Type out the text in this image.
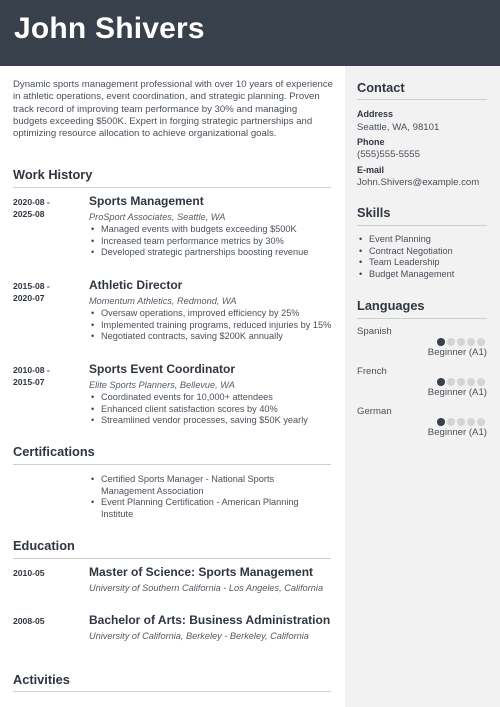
John Shivers

Dynamic sports management professional with over 10 years of experience in athletic operations, event coordination, and strategic planning. Proven track record of improving team performance by 30% and managing budgets exceeding $500K. Expert in forging strategic partnerships and optimizing resource allocation to achieve organizational goals.

Work History
2020-08 - 2025-08
Sports Management
ProSport Associates, Seattle, WA
• Managed events with budgets exceeding $500K
• Increased team performance metrics by 30%
• Developed strategic partnerships boosting revenue
2015-08 - 2020-07
Athletic Director
Momentum Athletics, Redmond, WA
• Oversaw operations, improved efficiency by 25%
• Implemented training programs, reduced injuries by 15%
• Negotiated contracts, saving $200K annually
2010-08 - 2015-07
Sports Event Coordinator
Elite Sports Planners, Bellevue, WA
• Coordinated events for 10,000+ attendees
• Enhanced client satisfaction scores by 40%
• Streamlined vendor processes, saving $50K yearly
Certifications
• Certified Sports Manager - National Sports Management Association
• Event Planning Certification - American Planning Institute
Education
2010-05	Master of Science: Sports Management
University of Southern California - Los Angeles, California
2008-05	Bachelor of Arts: Business Administration
University of California, Berkeley - Berkeley, California
Activities
Contact
Address
Seattle, WA, 98101
Phone
(555)555-5555
E-mail
John.Shivers@example.com
Skills
• Event Planning
• Contract Negotiation
• Team Leadership
• Budget Management
Languages
Spanish
Beginner (A1)
French
Beginner (A1)
German
Beginner (A1)
